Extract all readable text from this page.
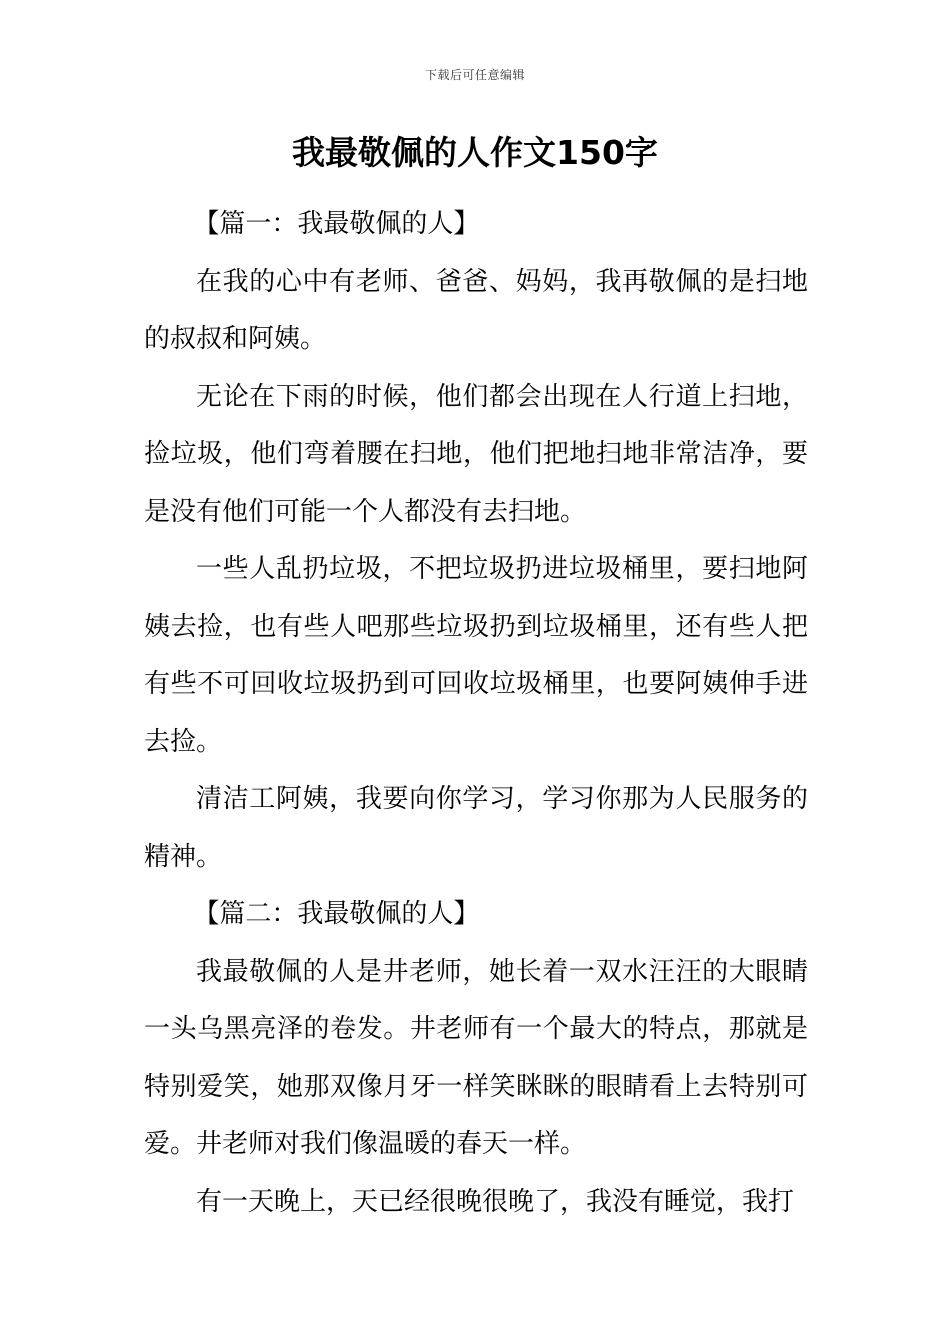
下载后可任意编辑
我最敬佩的人作文150字

【篇一：我最敬佩的人】

在我的心中有老师、爸爸、妈妈，我再敬佩的是扫地的叔叔和阿姨。

无论在下雨的时候，他们都会出现在人行道上扫地，捡垃圾，他们弯着腰在扫地，他们把地扫地非常洁净，要是没有他们可能一个人都没有去扫地。

一些人乱扔垃圾，不把垃圾扔进垃圾桶里，要扫地阿姨去捡，也有些人吧那些垃圾扔到垃圾桶里，还有些人把有些不可回收垃圾扔到可回收垃圾桶里，也要阿姨伸手进去捡。

清洁工阿姨，我要向你学习，学习你那为人民服务的精神。

【篇二：我最敬佩的人】

我最敬佩的人是井老师，她长着一双水汪汪的大眼睛一头乌黑亮泽的卷发。井老师有一个最大的特点，那就是特别爱笑，她那双像月牙一样笑眯眯的眼睛看上去特别可爱。井老师对我们像温暖的春天一样。

有一天晚上，天已经很晚很晚了，我没有睡觉，我打
